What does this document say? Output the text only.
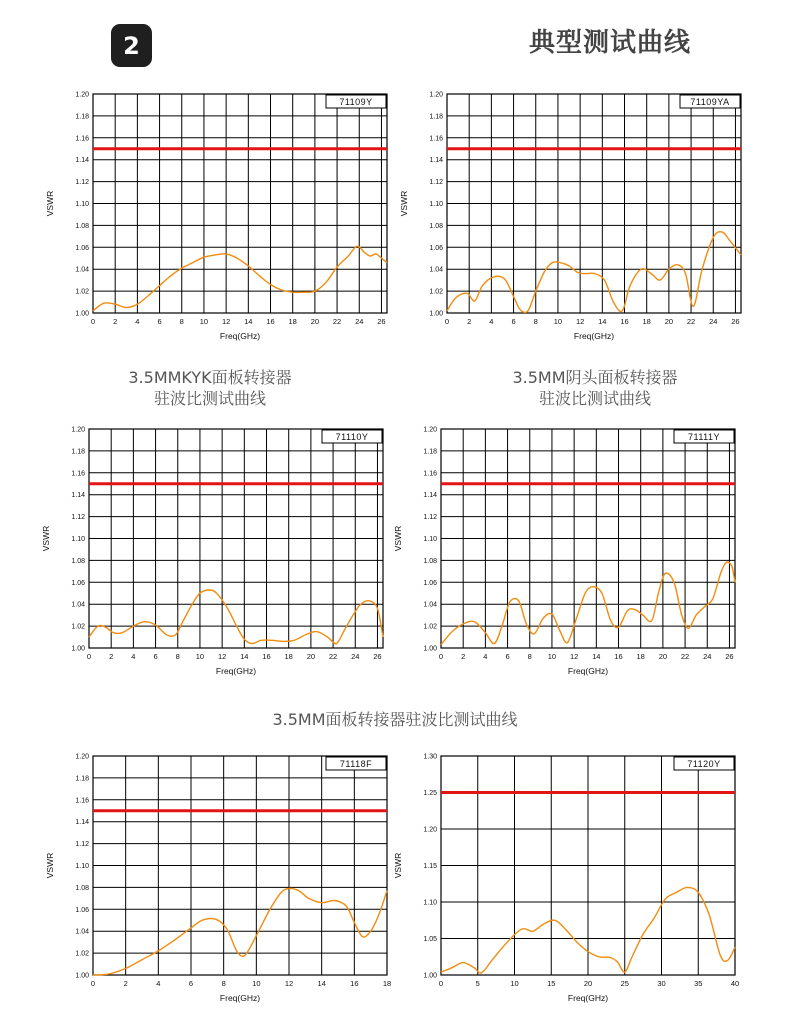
2	典型测试曲线
1.00
1.02
1.04
1.06
1.08
1.10
1.12
1.14
1.16
1.18
1.20
0 2 4 6 8 10 12 14 16 18 20 22 24 26
Freq(GHz)
VSWR
71109Y
1.00
1.02
1.04
1.06
1.08
1.10
1.12
1.14
1.16
1.18
1.20
0 2 4 6 8 10 12 14 16 18 20 22 24 26
Freq(GHz)
VSWR
71109YA
3.5MMKYK面板转接器
驻波比测试曲线
3.5MM阴头面板转接器
驻波比测试曲线
1.00
1.02
1.04
1.06
1.08
1.10
1.12
1.14
1.16
1.18
1.20
0 2 4 6 8 10 12 14 16 18 20 22 24 26
Freq(GHz)
VSWR
71110Y
1.00
1.02
1.04
1.06
1.08
1.10
1.12
1.14
1.16
1.18
1.20
0 2 4 6 8 10 12 14 16 18 20 22 24 26
Freq(GHz)
VSWR
71111Y
3.5MM面板转接器驻波比测试曲线
1.00
1.02
1.04
1.06
1.08
1.10
1.12
1.14
1.16
1.18
1.20
0	2	4	6	8	10	12	14	16	18
Freq(GHz)
VSWR
71118F
1.00
1.05
1.10
1.15
1.20
1.25
1.30
0	5	10	15	20	25	30	35	40
Freq(GHz)
VSWR
71120Y
